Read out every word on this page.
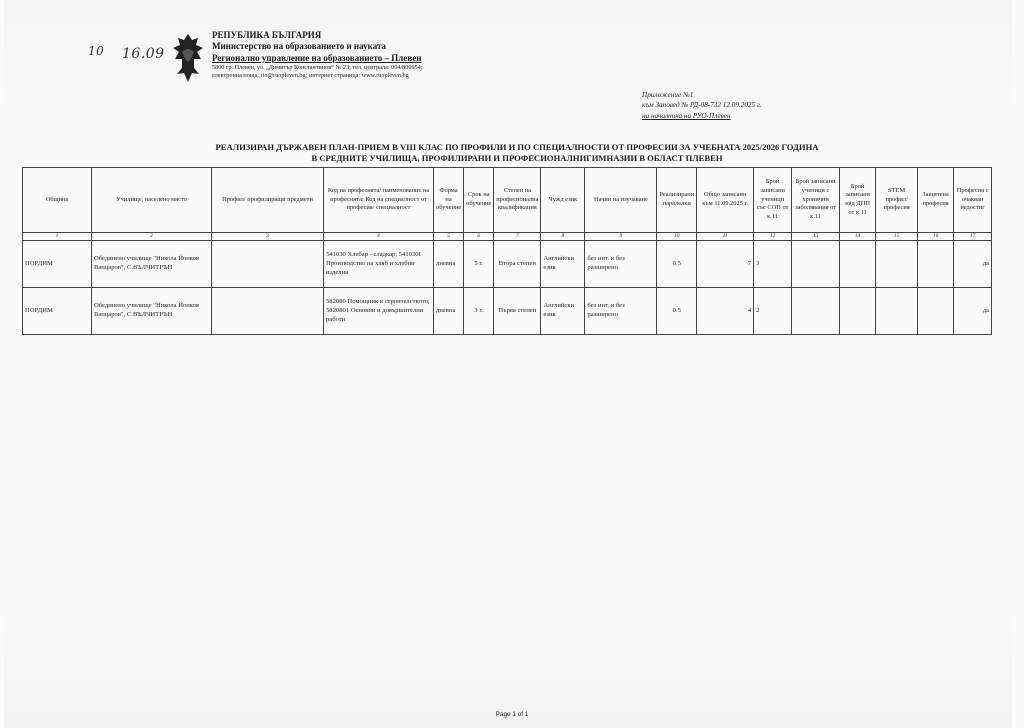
10 16.09
РЕПУБЛИКА БЪЛГАРИЯ
Министерство на образованието и науката
Регионално управление на образованието – Плевен
5800 гр. Плевен, ул. „Димитър Константинов“ № 23; тел. централа: 064/800954;
електронна поща: rio@ruopleven.bg; интернет страница: www.ruopleven.bg
Приложение №1
към Заповед № РД-08-732 12.09.2025 г.
на началника на РУО-Плевен
РЕАЛИЗИРАН ДЪРЖАВЕН ПЛАН-ПРИЕМ В VIII КЛАС ПО ПРОФИЛИ И ПО СПЕЦИАЛНОСТИ ОТ ПРОФЕСИИ ЗА УЧЕБНАТА 2025/2026 ГОДИНА
В СРЕДНИТЕ УЧИЛИЩА, ПРОФИЛИРАНИ И ПРОФЕСИОНАЛНИГИМНАЗИИ В ОБЛАСТ ПЛЕВЕН
Община	Училище, населено място	Профил/ профилиращи предмети	Код на професията/ наименование на професията; Код на специалност от професия/ специалност	Форма на обучение	Срок на обучение	Степен на професионална квалификация	Чужд език	Начин на изучаване	Реализирани паралелки	Общо записани към 11.09.2025 г.	Брой записани ученици със СОП от к.11	Брой записани ученици с хронични заболявания от к.11	Брой записани над ДПП от к.11	STEM профил/ професия	Защитена професия	Професия с очакван недостиг
1	2	3	4	5	6	7	8	9	10	11	12	13	14	15	16	17
ПОРДИМ	Обединено училище "Никола Йонков Вапцаров", С.ВЪЛЧИТРЪН		541030 Хлебар - сладкар; 541030I Производство на хляб и хлебни изделия	дневна	5 г.	Втора степен	Английски език	без инт. и без разширено	0.5	7	3					да
ПОРДИМ	Обединено училище "Никола Йонков Вапцаров", С.ВЪЛЧИТРЪН		582080 Помощник в строителството; 5820801 Основни и довършителни работи	дневна	3 г.	Първа степен	Английски език	без инт. и без разширено	0.5	4	2					да
Page 1 of 1
